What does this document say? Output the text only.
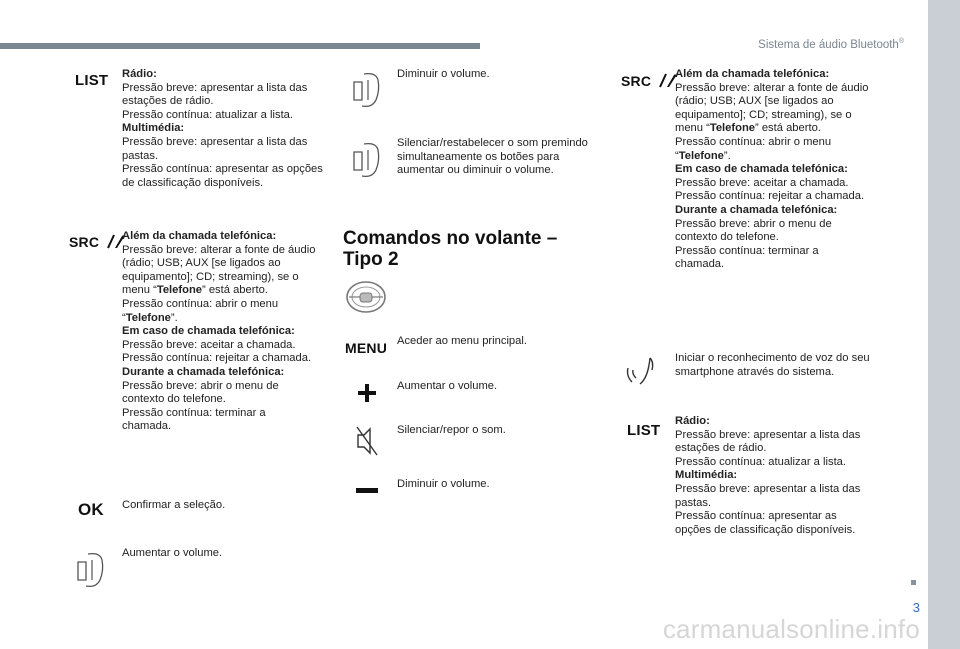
Sistema de áudio Bluetooth®
3
LIST Rádio:
Pressão breve: apresentar a lista das estações de rádio.
Pressão contínua: atualizar a lista.
Multimédia:
Pressão breve: apresentar a lista das pastas.
Pressão contínua: apresentar as opções de classificação disponíveis.
SRC	Além da chamada telefónica:
Pressão breve: alterar a fonte de áudio (rádio; USB; AUX [se ligados ao equipamento]; CD; streaming), se o menu “Telefone” está aberto.
Pressão contínua: abrir o menu “Telefone”.
Em caso de chamada telefónica:
Pressão breve: aceitar a chamada.
Pressão contínua: rejeitar a chamada.
Durante a chamada telefónica:
Pressão breve: abrir o menu de contexto do telefone.
Pressão contínua: terminar a chamada.
OK Confirmar a seleção.
Aumentar o volume.
Diminuir o volume.
Silenciar/restabelecer o som premindo simultaneamente os botões para aumentar ou diminuir o volume.
Comandos no volante –
Tipo 2
MENU Aceder ao menu principal.
Aumentar o volume.
Silenciar/repor o som.
Diminuir o volume.
SRC	Além da chamada telefónica:
Pressão breve: alterar a fonte de áudio (rádio; USB; AUX [se ligados ao equipamento]; CD; streaming), se o menu “Telefone” está aberto.
Pressão contínua: abrir o menu “Telefone”.
Em caso de chamada telefónica:
Pressão breve: aceitar a chamada.
Pressão contínua: rejeitar a chamada.
Durante a chamada telefónica:
Pressão breve: abrir o menu de contexto do telefone.
Pressão contínua: terminar a chamada.
Iniciar o reconhecimento de voz do seu smartphone através do sistema.
LIST
Rádio:
Pressão breve: apresentar a lista das estações de rádio.
Pressão contínua: atualizar a lista.
Multimédia:
Pressão breve: apresentar a lista das pastas.
Pressão contínua: apresentar as opções de classificação disponíveis.
carmanualsonline.info
